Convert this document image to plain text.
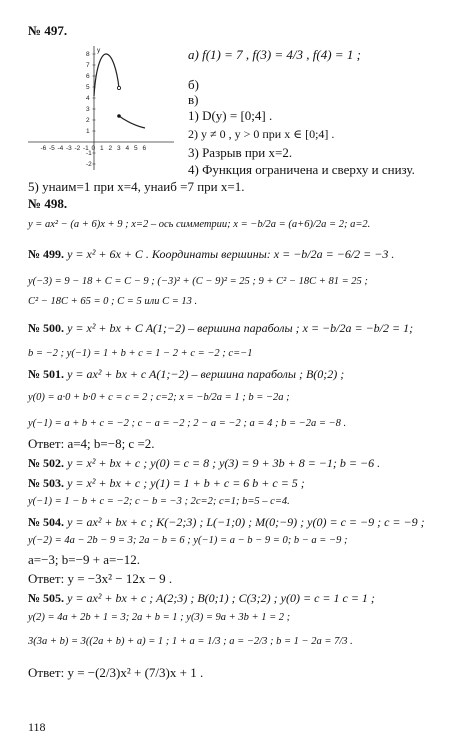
№ 497.
8
7
6
5
4
3
2
1
-1
-2
-6 -5 -4 -3 -2 -1 0 1 2 3 4 5 6
y	а) f(1) = 7 , f(3) = 4/3 , f(4) = 1 ;
б)
в)
1) D(y) = [0;4] .
2) y ≠ 0 , y > 0 при x ∈ [0;4] .
3) Разрыв при x=2.
4) Функция ограничена и сверху и снизу.
5) yнаим=1 при x=4, yнаиб =7 при x=1.
№ 498.
y = ax² − (a + 6)x + 9 ; x=2 – ось симметрии; x = −b/2a = (a+6)/2a = 2; a=2.
№ 499. y = x² + 6x + C . Координаты вершины: x = −b/2a = −6/2 = −3 .
y(−3) = 9 − 18 + C = C − 9 ; (−3)² + (C − 9)² = 25 ; 9 + C² − 18C + 81 = 25 ;
C² − 18C + 65 = 0 ; C = 5 или C = 13 .
№ 500. y = x² + bx + C A(1;−2) – вершина параболы ; x = −b/2a = −b/2 = 1;
b = −2 ; y(−1) = 1 + b + c = 1 − 2 + c = −2 ; c=−1
№ 501. y = ax² + bx + c A(1;−2) – вершина параболы ; B(0;2) ;
y(0) = a·0 + b·0 + c = c = 2 ; c=2; x = −b/2a = 1 ; b = −2a ;
y(−1) = a + b + c = −2 ; c − a = −2 ; 2 − a = −2 ; a = 4 ; b = −2a = −8 .
Ответ: a=4; b=−8; c =2.
№ 502. y = x² + bx + c ; y(0) = c = 8 ; y(3) = 9 + 3b + 8 = −1; b = −6 .
№ 503. y = x² + bx + c ; y(1) = 1 + b + c = 6 b + c = 5 ;
y(−1) = 1 − b + c = −2; c − b = −3 ; 2c=2; c=1; b=5 – c=4.
№ 504. y = ax² + bx + c ; K(−2;3) ; L(−1;0) ; M(0;−9) ; y(0) = c = −9 ; c = −9 ;
y(−2) = 4a − 2b − 9 = 3; 2a − b = 6 ; y(−1) = a − b − 9 = 0; b − a = −9 ;
a=−3; b=−9 + a=−12.
Ответ: y = −3x² − 12x − 9 .
№ 505. y = ax² + bx + c ; A(2;3) ; B(0;1) ; C(3;2) ; y(0) = c = 1 c = 1 ;
y(2) = 4a + 2b + 1 = 3; 2a + b = 1 ; y(3) = 9a + 3b + 1 = 2 ;
3(3a + b) = 3((2a + b) + a) = 1 ; 1 + a = 1/3 ; a = −2/3 ; b = 1 − 2a = 7/3 .
Ответ: y = −(2/3)x² + (7/3)x + 1 .
118
